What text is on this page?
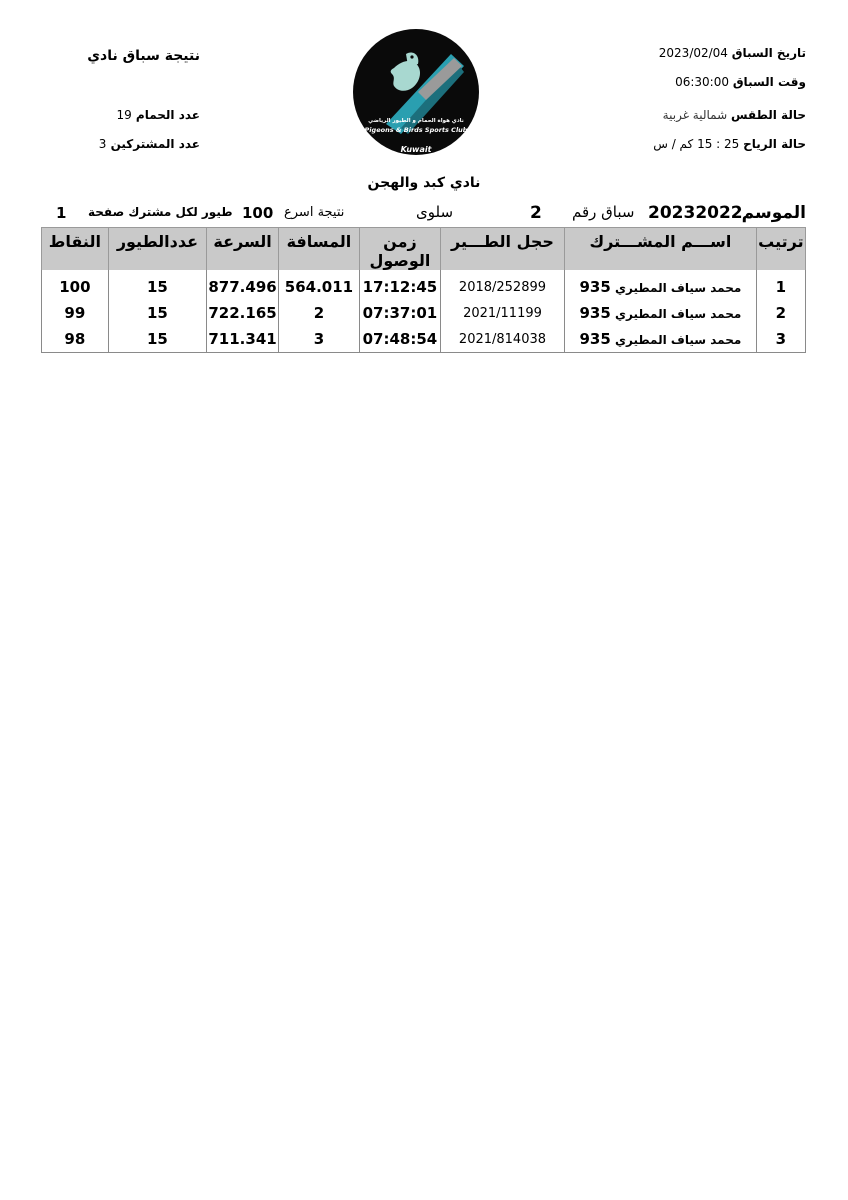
تاريخ السباق 2023/02/04
وقت السباق 06:30:00
حالة الطقس شمالية غربية
حالة الرياح 15 : 25 كم / س
نتيجة سباق نادي
عدد الحمام 19
عدد المشتركين 3
نادي هواة الحمام و الطيور الرياضي
Pigeons & Birds Sports Club
Kuwait
نادي كبد والهجن
الموسم
20232022
سباق رقم
2
سلوى
نتيجة اسرع
100
طيور لكل مشترك صفحة
1
ترتيب	اســـم المشـــترك	حجل الطـــير	زمن الوصول	المسافة	السرعة	عددالطيور	النقاط
1	محمد سياف المطيري 935	2018/252899	17:12:45	564.011	877.496	15	100
2	محمد سياف المطيري 935	2021/11199	07:37:01	2	722.165	15	99
3	محمد سياف المطيري 935	2021/814038	07:48:54	3	711.341	15	98
